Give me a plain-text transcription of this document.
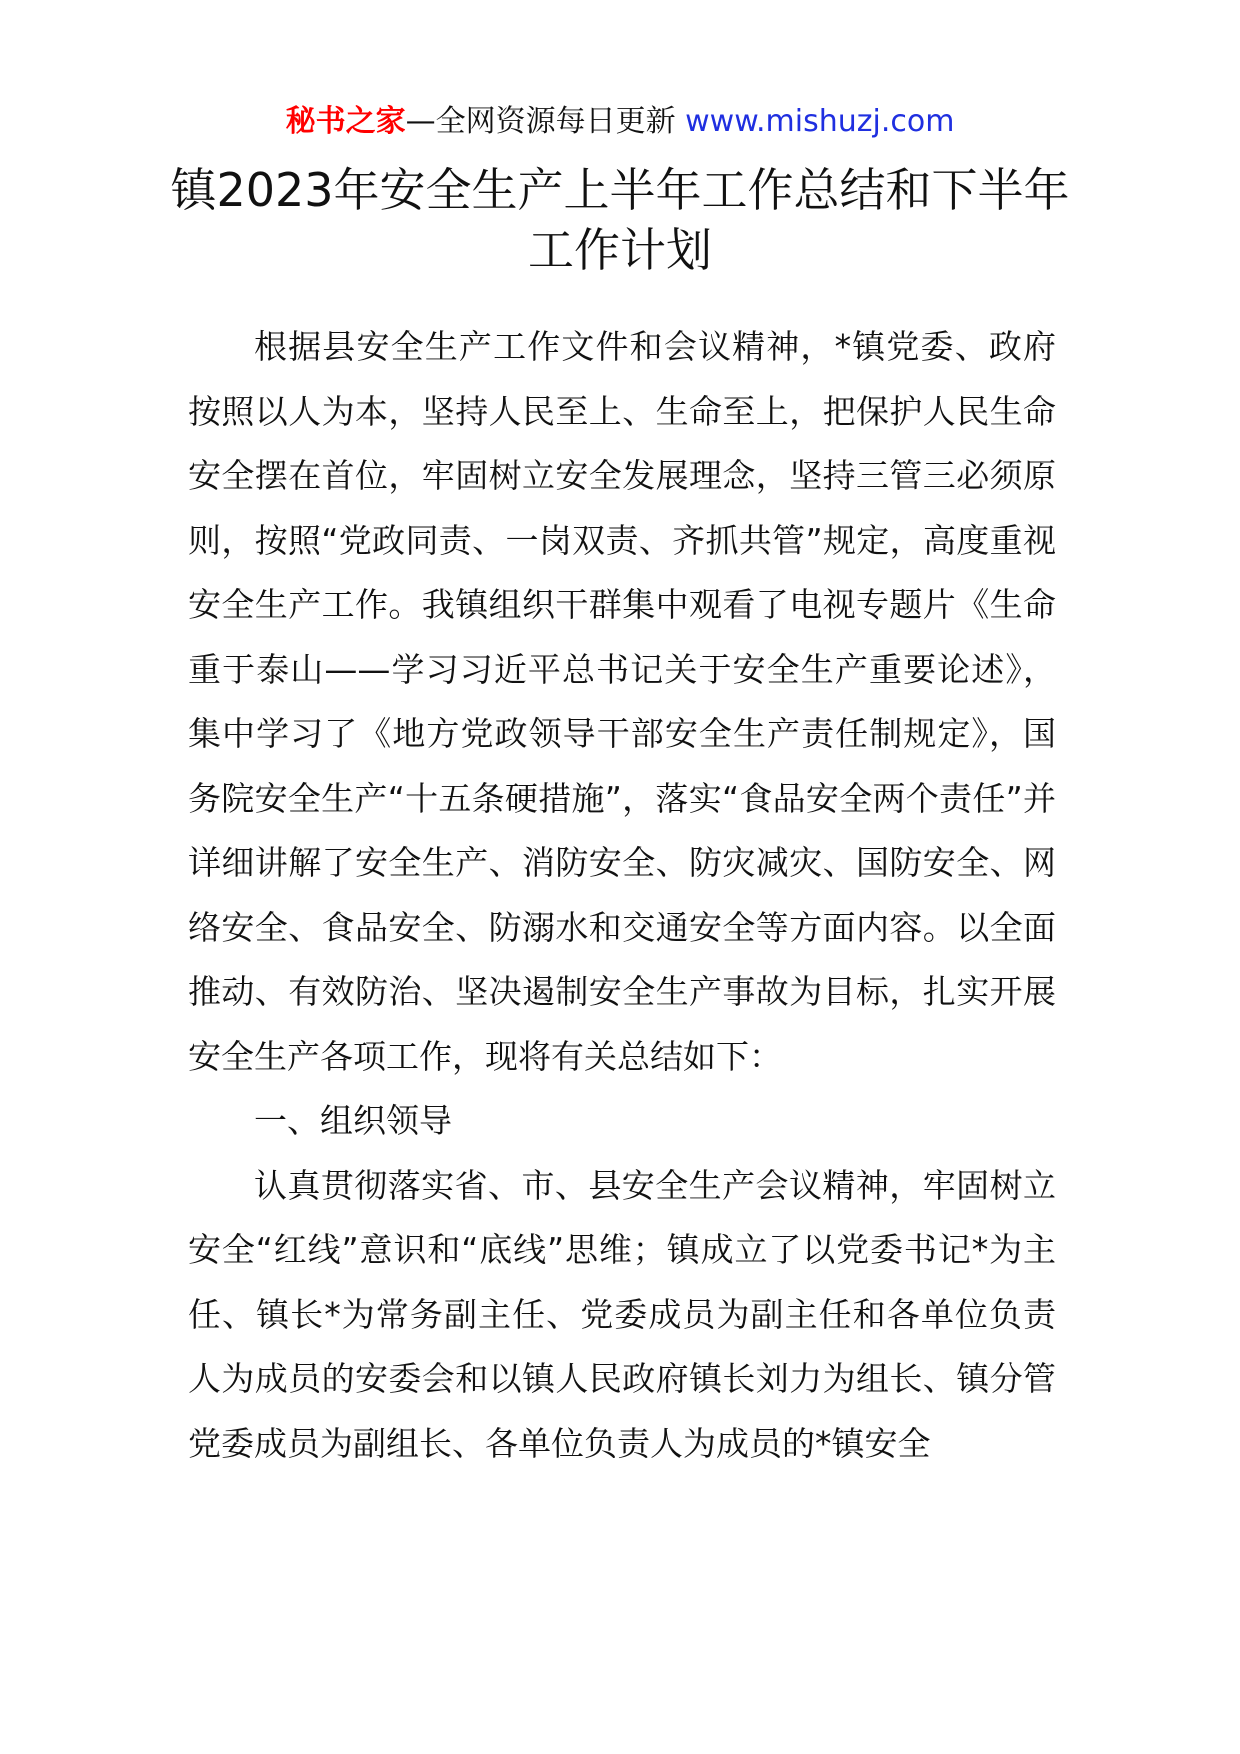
秘书之家—全网资源每日更新 www.mishuzj.com
镇2023年安全生产上半年工作总结和下半年工作计划

根据县安全生产工作文件和会议精神，*镇党委、政府按照以人为本，坚持人民至上、生命至上，把保护人民生命安全摆在首位，牢固树立安全发展理念，坚持三管三必须原则，按照“党政同责、一岗双责、齐抓共管”规定，高度重视安全生产工作。我镇组织干群集中观看了电视专题片《生命重于泰山——学习习近平总书记关于安全生产重要论述》，集中学习了《地方党政领导干部安全生产责任制规定》，国务院安全生产“十五条硬措施”，落实“食品安全两个责任”并详细讲解了安全生产、消防安全、防灾减灾、国防安全、网络安全、食品安全、防溺水和交通安全等方面内容。以全面推动、有效防治、坚决遏制安全生产事故为目标，扎实开展安全生产各项工作，现将有关总结如下：

一、组织领导

认真贯彻落实省、市、县安全生产会议精神，牢固树立安全“红线”意识和“底线”思维；镇成立了以党委书记*为主任、镇长*为常务副主任、党委成员为副主任和各单位负责人为成员的安委会和以镇人民政府镇长刘力为组长、镇分管党委成员为副组长、各单位负责人为成员的*镇安全
